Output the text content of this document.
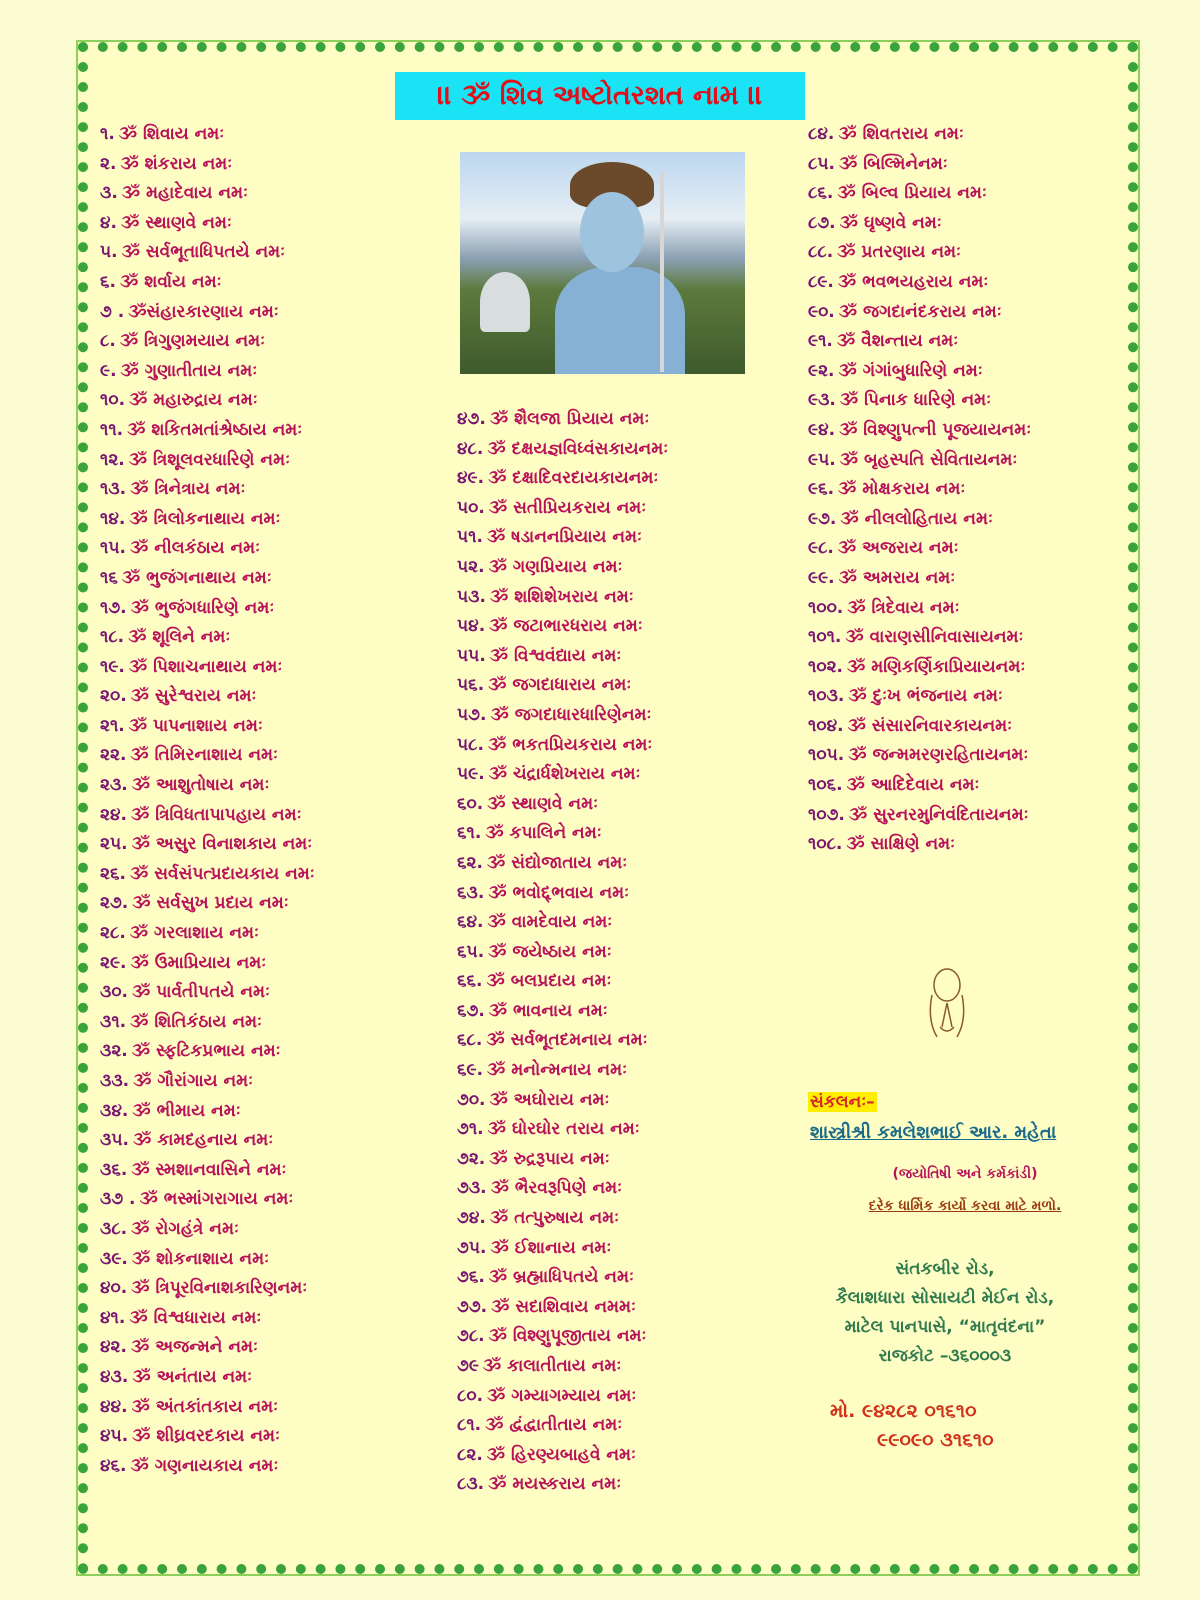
।। ૐ શિવ અષ્ટોતરશત નામ ।।
૧. ૐ શિવાય નમઃ
૨. ૐ શંકરાય નમઃ
૩. ૐ મહાદેવાય નમઃ
૪. ૐ સ્થાણવે નમઃ
૫. ૐ સર્વભૂતાધિપતયે નમઃ
૬. ૐ શર્વાય નમઃ
૭ . ૐસંહારકારણાય નમઃ
૮. ૐ ત્રિગુણમયાય નમઃ
૯. ૐ ગુણાતીતાય નમઃ
૧૦. ૐ મહારુદ્રાય નમઃ
૧૧. ૐ શકિતમતાંશ્રેષ્ઠાય નમઃ
૧૨. ૐ ત્રિશૂલવરધારિણે નમઃ
૧૩. ૐ ત્રિનેત્રાય નમઃ
૧૪. ૐ ત્રિલોકનાથાય નમઃ
૧૫. ૐ નીલકંઠાય નમઃ
૧૬ ૐ ભુજંગનાથાય નમઃ
૧૭. ૐ ભુજંગધારિણે નમઃ
૧૮. ૐ શૂલિને નમઃ
૧૯. ૐ પિશાચનાથાય નમઃ
૨૦. ૐ સુરેશ્વરાય નમઃ
૨૧. ૐ પાપનાશાય નમઃ
૨૨. ૐ તિમિરનાશાય નમઃ
૨૩. ૐ આશુતોષાય નમઃ
૨૪. ૐ ત્રિવિધતાપાપહાય નમઃ
૨૫. ૐ અસુર વિનાશકાય નમઃ
૨૬. ૐ સર્વસંપત્પ્રદાયકાય નમઃ
૨૭. ૐ સર્વસુખ પ્રદાય નમઃ
૨૮. ૐ ગરલાશાય નમઃ
૨૯. ૐ ઉમાપ્રિયાય નમઃ
૩૦. ૐ પાર્વતીપતયે નમઃ
૩૧. ૐ શિતિકંઠાય નમઃ
૩૨. ૐ સ્ફટિકપ્રભાય નમઃ
૩૩. ૐ ગૌરાંગાય નમઃ
૩૪. ૐ ભીમાય નમઃ
૩૫. ૐ કામદહનાય નમઃ
૩૬. ૐ સ્મશાનવાસિને નમઃ
૩૭ . ૐ ભસ્માંગરાગાય નમઃ
૩૮. ૐ રોગહંત્રે નમઃ
૩૯. ૐ શોકનાશાય નમઃ
૪૦. ૐ ત્રિપૂરવિનાશકારિણનમઃ
૪૧. ૐ વિશ્વધારાય નમઃ
૪૨. ૐ અજન્મને નમઃ
૪૩. ૐ અનંતાય નમઃ
૪૪. ૐ અંતકાંતકાય નમઃ
૪૫. ૐ શીઘ્રવરદકાય નમઃ
૪૬. ૐ ગણનાયકાય નમઃ
૪૭. ૐ શૈલજા પ્રિયાય નમઃ
૪૮. ૐ દક્ષયજ્ઞવિધ્વંસકાયનમઃ
૪૯. ૐ દક્ષાદિવરદાયકાયનમઃ
૫૦. ૐ સતીપ્રિયકરાય નમઃ
૫૧. ૐ ષડાનનપ્રિયાય નમઃ
૫૨. ૐ ગણપ્રિયાય નમઃ
૫૩. ૐ શશિશેખરાય નમઃ
૫૪. ૐ જટાભારધરાય નમઃ
૫૫. ૐ વિશ્વવંદ્યાય નમઃ
૫૬. ૐ જગદાધારાય નમઃ
૫૭. ૐ જગદાધારધારિણેનમઃ
૫૮. ૐ ભકતપ્રિયકરાય નમઃ
૫૯. ૐ ચંદ્રાર્ધશેખરાય નમઃ
૬૦. ૐ સ્થાણવે નમઃ
૬૧. ૐ કપાલિને નમઃ
૬૨. ૐ સંદ્યોજાતાય નમઃ
૬૩. ૐ ભવોદ્દ્ભવાય નમઃ
૬૪. ૐ વામદેવાય નમઃ
૬૫. ૐ જયેષ્ઠાય નમઃ
૬૬. ૐ બલપ્રદાય નમઃ
૬૭. ૐ ભાવનાય નમઃ
૬૮. ૐ સર્વભૂતદમનાય નમઃ
૬૯. ૐ મનોન્મનાય નમઃ
૭૦. ૐ અઘોરાય નમઃ
૭૧. ૐ ઘોરઘોર તરાય નમઃ
૭૨. ૐ રુદ્રરૂપાય નમઃ
૭૩. ૐ ભૈરવરૂપિણે નમઃ
૭૪. ૐ તત્પુરુષાય નમઃ
૭૫. ૐ ઈશાનાય નમઃ
૭૬. ૐ બ્રહ્માધિપતયે નમઃ
૭૭. ૐ સદાશિવાય નમમઃ
૭૮. ૐ વિશ્ણુપૂજીતાય નમઃ
૭૯ ૐ કાલાતીતાય નમઃ
૮૦. ૐ ગમ્યાગમ્યાય નમઃ
૮૧. ૐ દ્વંદ્વાતીતાય નમઃ
૮૨. ૐ હિરણ્યબાહવે નમઃ
૮૩. ૐ મયસ્કરાય નમઃ
૮૪. ૐ શિવતરાય નમઃ
૮૫. ૐ બિલ્મિનેનમઃ
૮૬. ૐ બિલ્વ પ્રિયાય નમઃ
૮૭. ૐ ઘૃષ્ણવે નમઃ
૮૮. ૐ પ્રતરણાય નમઃ
૮૯. ૐ ભવભયહરાય નમઃ
૯૦. ૐ જગદાનંદકરાય નમઃ
૯૧. ૐ વૈશન્તાય નમઃ
૯૨. ૐ ગંગાંબુધારિણે નમઃ
૯૩. ૐ પિનાક ધારિણે નમઃ
૯૪. ૐ વિશ્ણુપત્ની પૂજયાયનમઃ
૯૫. ૐ બૃહસ્પતિ સેવિતાયનમઃ
૯૬. ૐ મોક્ષકરાય નમઃ
૯૭. ૐ નીલલોહિતાય નમઃ
૯૮. ૐ અજરાય નમઃ
૯૯. ૐ અમરાય નમઃ
૧૦૦. ૐ ત્રિદેવાય નમઃ
૧૦૧. ૐ વારાણસીનિવાસાયનમઃ
૧૦૨. ૐ મણિકર્ણિકાપ્રિયાયનમઃ
૧૦૩. ૐ દુઃખ ભંજનાય નમઃ
૧૦૪. ૐ સંસારનિવારકાયનમઃ
૧૦૫. ૐ જન્મમરણરહિતાયનમઃ
૧૦૬. ૐ આદિદેવાય નમઃ
૧૦૭. ૐ સુરનરમુનિવંદિતાયનમઃ
૧૦૮. ૐ સાક્ષિણે નમઃ
સંકલનઃ–
શાસ્ત્રીશ્રી કમલેશભાઈ આર. મહેતા
(જયોતિષી અને કર્મકાંડી)
દરેક ધાર્મિક કાર્યો કરવા માટે મળો.
સંતકબીર રોડ,
કૈલાશધારા સોસાયટી મેઈન રોડ,
માટેલ પાનપાસે, “માતૃવંદના”
રાજકોટ –૩૬૦૦૦૩
મો. ૯૪૨૮૨ ૦૧૬૧૦
૯૯૦૯૦ ૩૧૬૧૦
